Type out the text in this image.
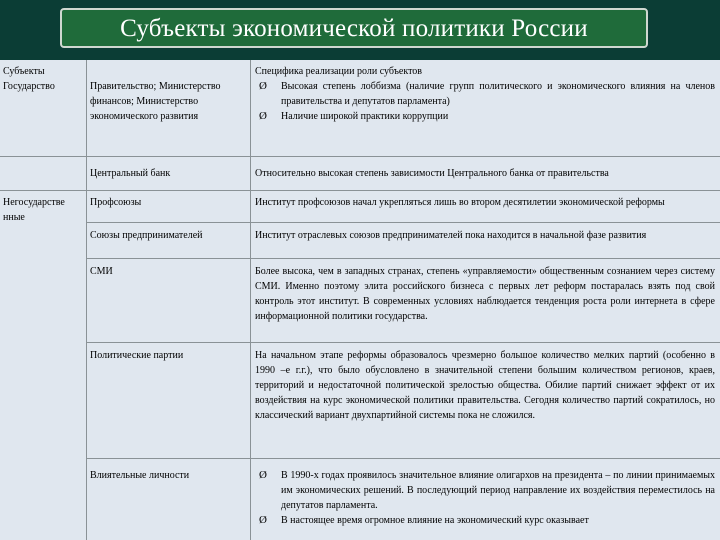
Субъекты экономической политики России
Субъекты
Государство
Негосударстве нные
Правительство; Министерство финансов; Министерство экономического развития
Центральный банк
Профсоюзы
Союзы предпринимателей
СМИ
Политические партии
Влиятельные личности
Специфика реализации роли субъектов
Ø Высокая степень лоббизма (наличие групп политического и экономического влияния на членов правительства и депутатов парламента)
Ø Наличие широкой практики коррупции
Относительно высокая степень зависимости Центрального банка от правительства
Институт профсоюзов начал укрепляться лишь во втором десятилетии экономической реформы
Институт отраслевых союзов предпринимателей пока находится в начальной фазе развития
Более высока, чем в западных странах, степень «управляемости» общественным сознанием через систему СМИ. Именно поэтому элита российского бизнеса с первых лет реформ постаралась взять под свой контроль этот институт. В современных условиях наблюдается тенденция роста роли интернета в сфере информационной политики государства.
На начальном этапе реформы образовалось чрезмерно большое количество мелких партий (особенно в 1990 –е г.г.), что было обусловлено в значительной степени большим количеством регионов, краев, территорий и недостаточной политической зрелостью общества. Обилие партий снижает эффект от их воздействия на курс экономической политики правительства. Сегодня количество партий сократилось, но классический вариант двухпартийной системы пока не сложился.
Ø В 1990-х годах проявилось значительное влияние олигархов на президента – по линии принимаемых им экономических решений. В последующий период направление их воздействия переместилось на депутатов парламента.
Ø В настоящее время огромное влияние на экономический курс оказывает
